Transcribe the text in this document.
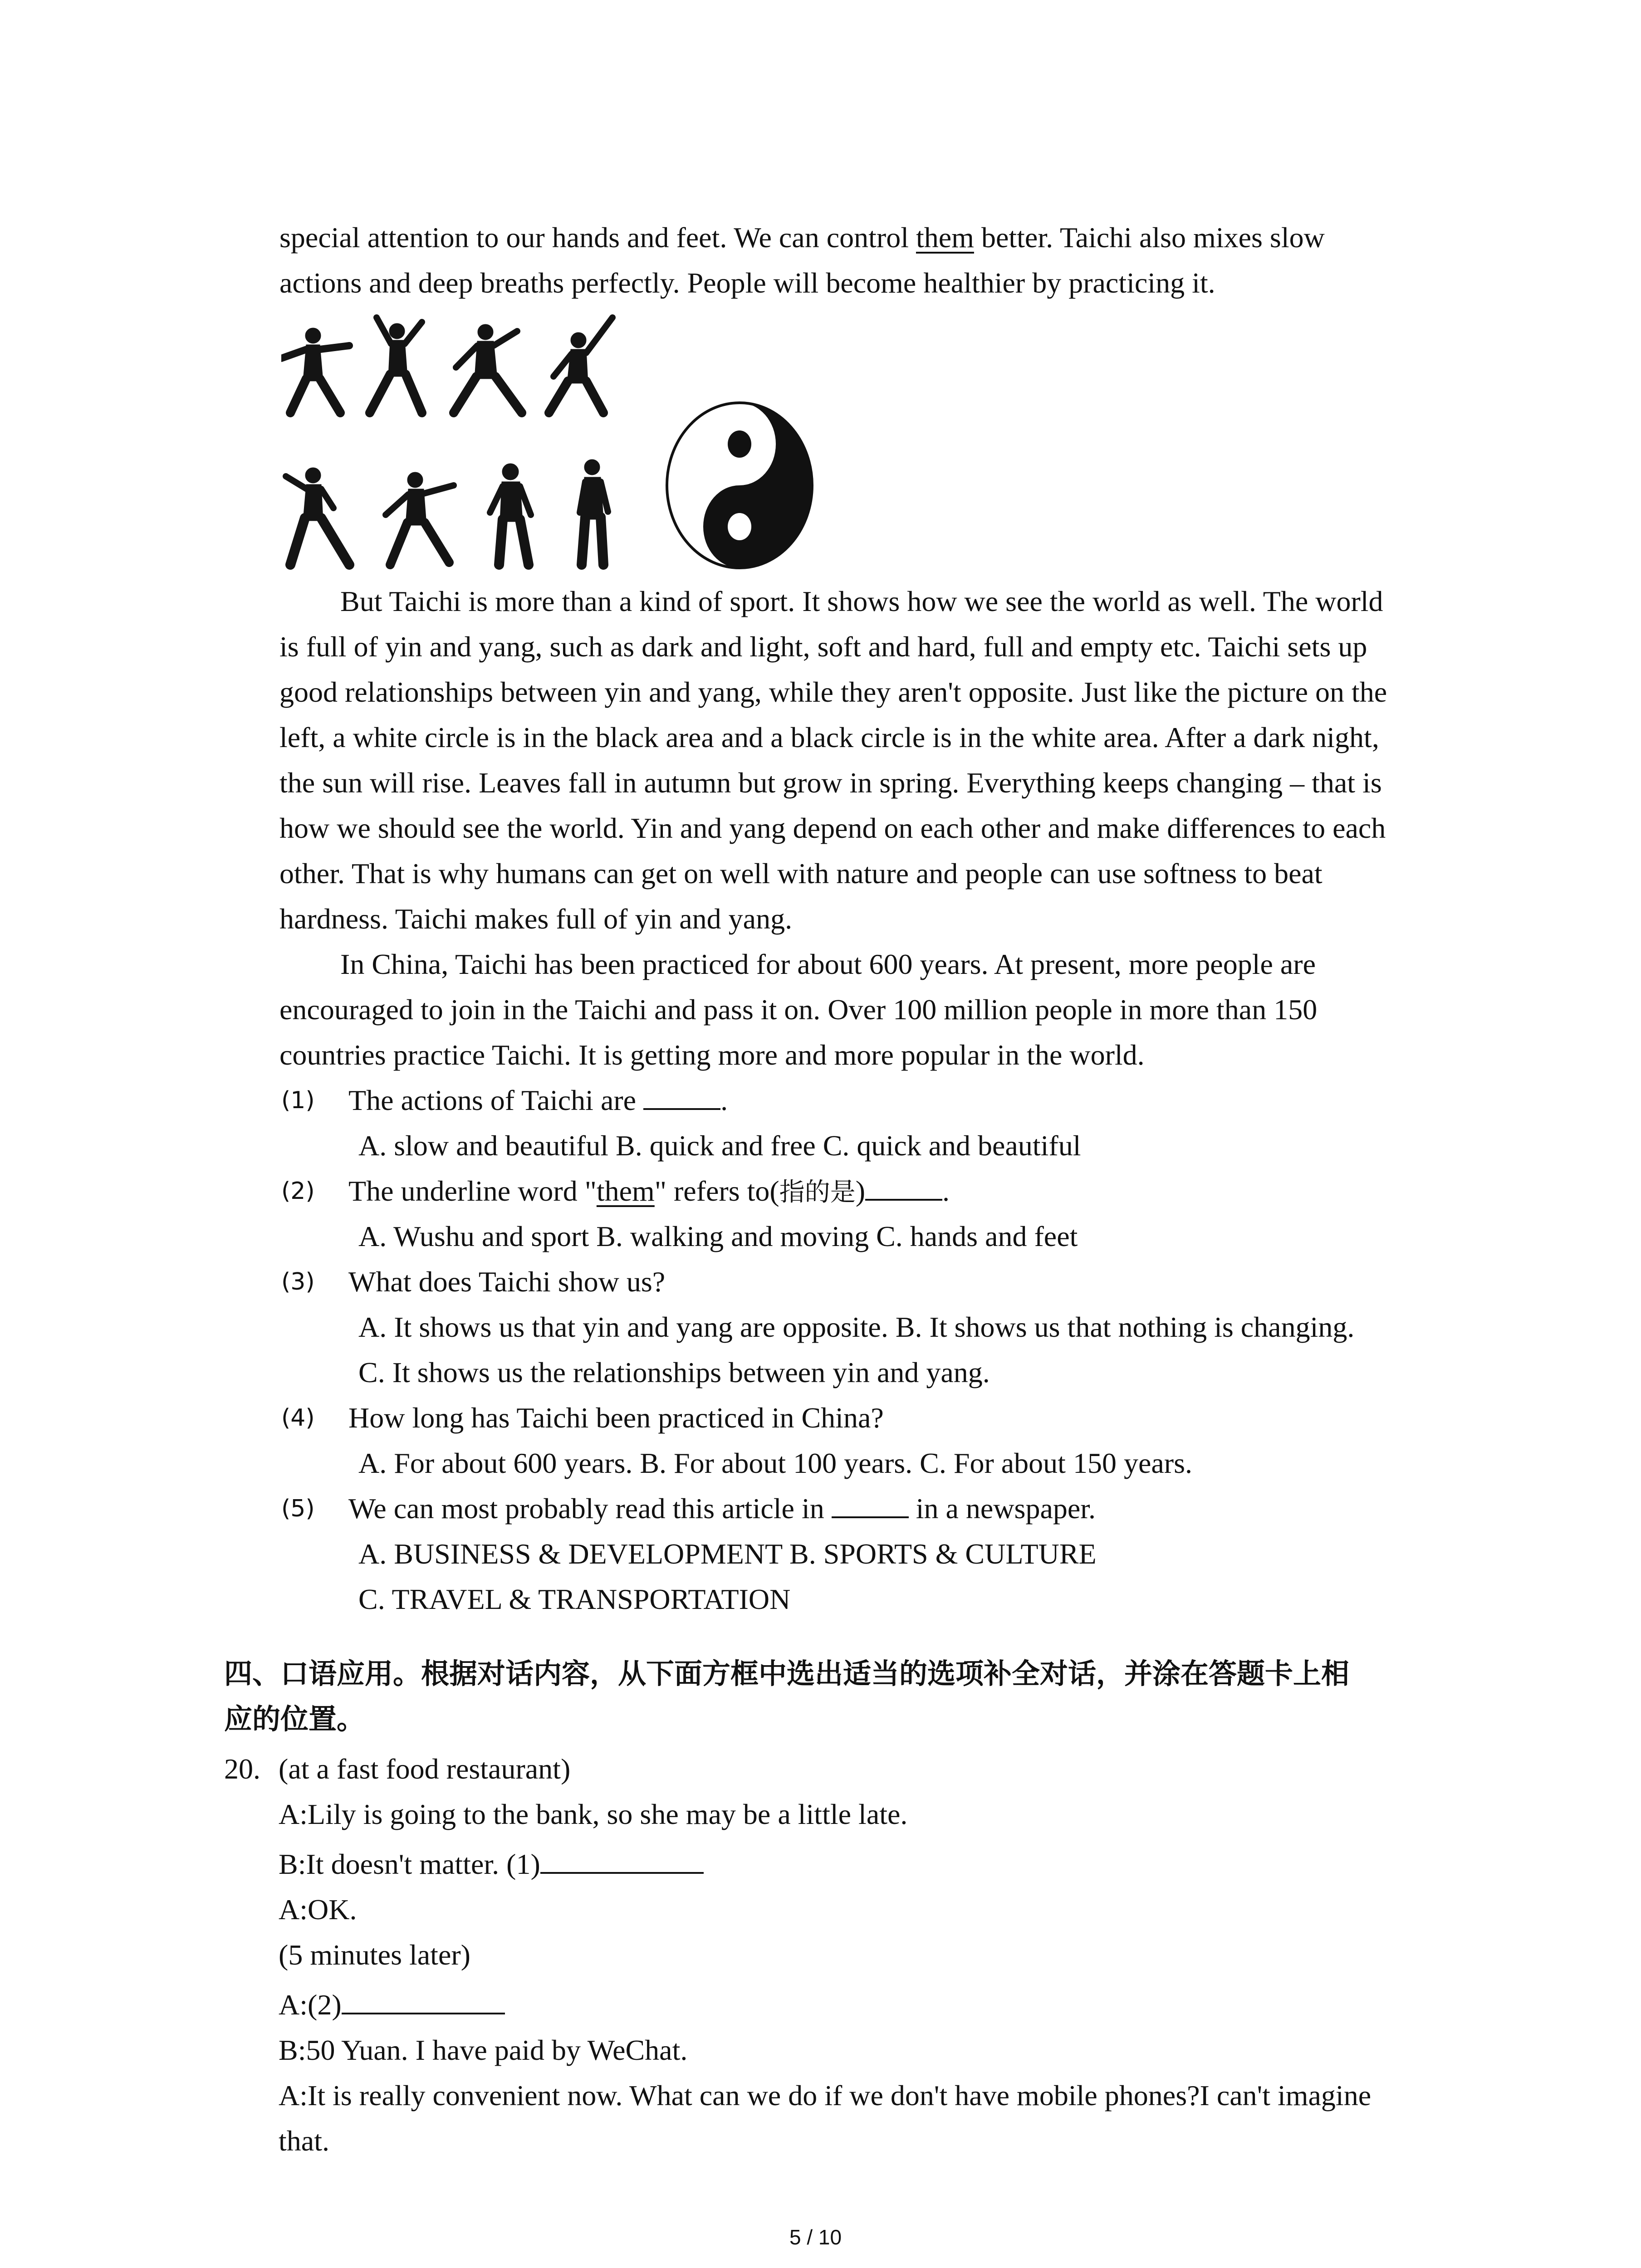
special attention to our hands and feet. We can control them better. Taichi also mixes slow
actions and deep breaths perfectly. People will become healthier by practicing it.
But Taichi is more than a kind of sport. It shows how we see the world as well. The world
is full of yin and yang, such as dark and light, soft and hard, full and empty etc. Taichi sets up
good relationships between yin and yang, while they aren't opposite. Just like the picture on the
left, a white circle is in the black area and a black circle is in the white area. After a dark night,
the sun will rise. Leaves fall in autumn but grow in spring. Everything keeps changing – that is
how we should see the world. Yin and yang depend on each other and make differences to each
other. That is why humans can get on well with nature and people can use softness to beat
hardness. Taichi makes full of yin and yang.
In China, Taichi has been practiced for about 600 years. At present, more people are
encouraged to join in the Taichi and pass it on. Over 100 million people in more than 150
countries practice Taichi. It is getting more and more popular in the world.
(1) The actions of Taichi are	.
A. slow and beautiful B. quick and free C. quick and beautiful
(2) The underline word "them" refers to(指的是)	.
A. Wushu and sport B. walking and moving C. hands and feet
(3) What does Taichi show us?
A. It shows us that yin and yang are opposite. B. It shows us that nothing is changing.
C. It shows us the relationships between yin and yang.
(4) How long has Taichi been practiced in China?
A. For about 600 years. B. For about 100 years. C. For about 150 years.
(5) We can most probably read this article in	in a newspaper.
A. BUSINESS & DEVELOPMENT B. SPORTS & CULTURE
C. TRAVEL & TRANSPORTATION
四、口语应用。根据对话内容，从下面方框中选出适当的选项补全对话，并涂在答题卡上相
应的位置。
20. (at a fast food restaurant)
A:Lily is going to the bank, so she may be a little late.
B:It doesn't matter. (1)
A:OK.
(5 minutes later)
A:(2)
B:50 Yuan. I have paid by WeChat.
A:It is really convenient now. What can we do if we don't have mobile phones?I can't imagine
that.
5 / 10
